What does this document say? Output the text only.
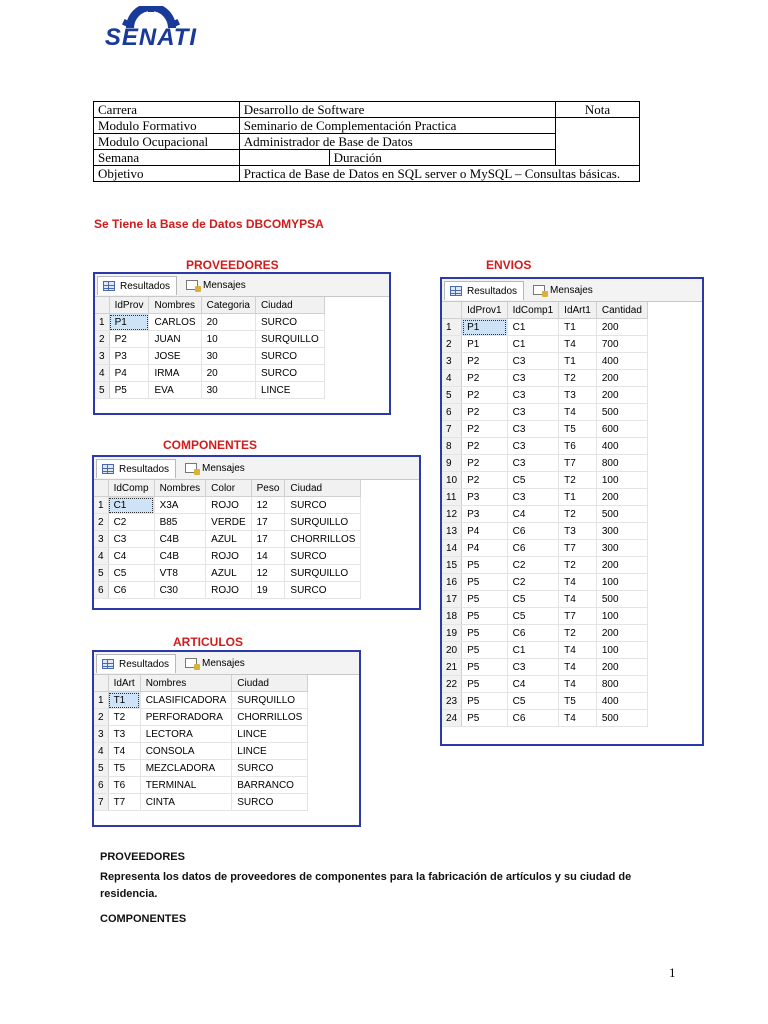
SENATI
Carrera	Desarrollo de Software		Nota
Modulo Formativo	Seminario de Complementación Practica		
Modulo Ocupacional	Administrador de Base de Datos		
Semana		Duración	
Objetivo	Practica de Base de Datos en SQL server o MySQL – Consultas básicas.		
Se Tiene la Base de Datos DBCOMYPSA
PROVEEDORES
Resultados	Mensajes
	IdProv	Nombres	Categoria	Ciudad
1	P1	CARLOS	20	SURCO
2	P2	JUAN	10	SURQUILLO
3	P3	JOSE	30	SURCO
4	P4	IRMA	20	SURCO
5	P5	EVA	30	LINCE
COMPONENTES
Resultados	Mensajes
	IdComp	Nombres	Color	Peso	Ciudad
1	C1	X3A	ROJO	12	SURCO
2	C2	B85	VERDE	17	SURQUILLO
3	C3	C4B	AZUL	17	CHORRILLOS
4	C4	C4B	ROJO	14	SURCO
5	C5	VT8	AZUL	12	SURQUILLO
6	C6	C30	ROJO	19	SURCO
ARTICULOS
Resultados	Mensajes
	IdArt	Nombres	Ciudad
1	T1	CLASIFICADORA	SURQUILLO
2	T2	PERFORADORA	CHORRILLOS
3	T3	LECTORA	LINCE
4	T4	CONSOLA	LINCE
5	T5	MEZCLADORA	SURCO
6	T6	TERMINAL	BARRANCO
7	T7	CINTA	SURCO
ENVIOS
Resultados	Mensajes
	IdProv1	IdComp1	IdArt1	Cantidad
1	P1	C1	T1	200
2	P1	C1	T4	700
3	P2	C3	T1	400
4	P2	C3	T2	200
5	P2	C3	T3	200
6	P2	C3	T4	500
7	P2	C3	T5	600
8	P2	C3	T6	400
9	P2	C3	T7	800
10	P2	C5	T2	100
11	P3	C3	T1	200
12	P3	C4	T2	500
13	P4	C6	T3	300
14	P4	C6	T7	300
15	P5	C2	T2	200
16	P5	C2	T4	100
17	P5	C5	T4	500
18	P5	C5	T7	100
19	P5	C6	T2	200
20	P5	C1	T4	100
21	P5	C3	T4	200
22	P5	C4	T4	800
23	P5	C5	T5	400
24	P5	C6	T4	500
PROVEEDORES
Representa los datos de proveedores de componentes para la fabricación de artículos y su ciudad de residencia.
COMPONENTES
1
